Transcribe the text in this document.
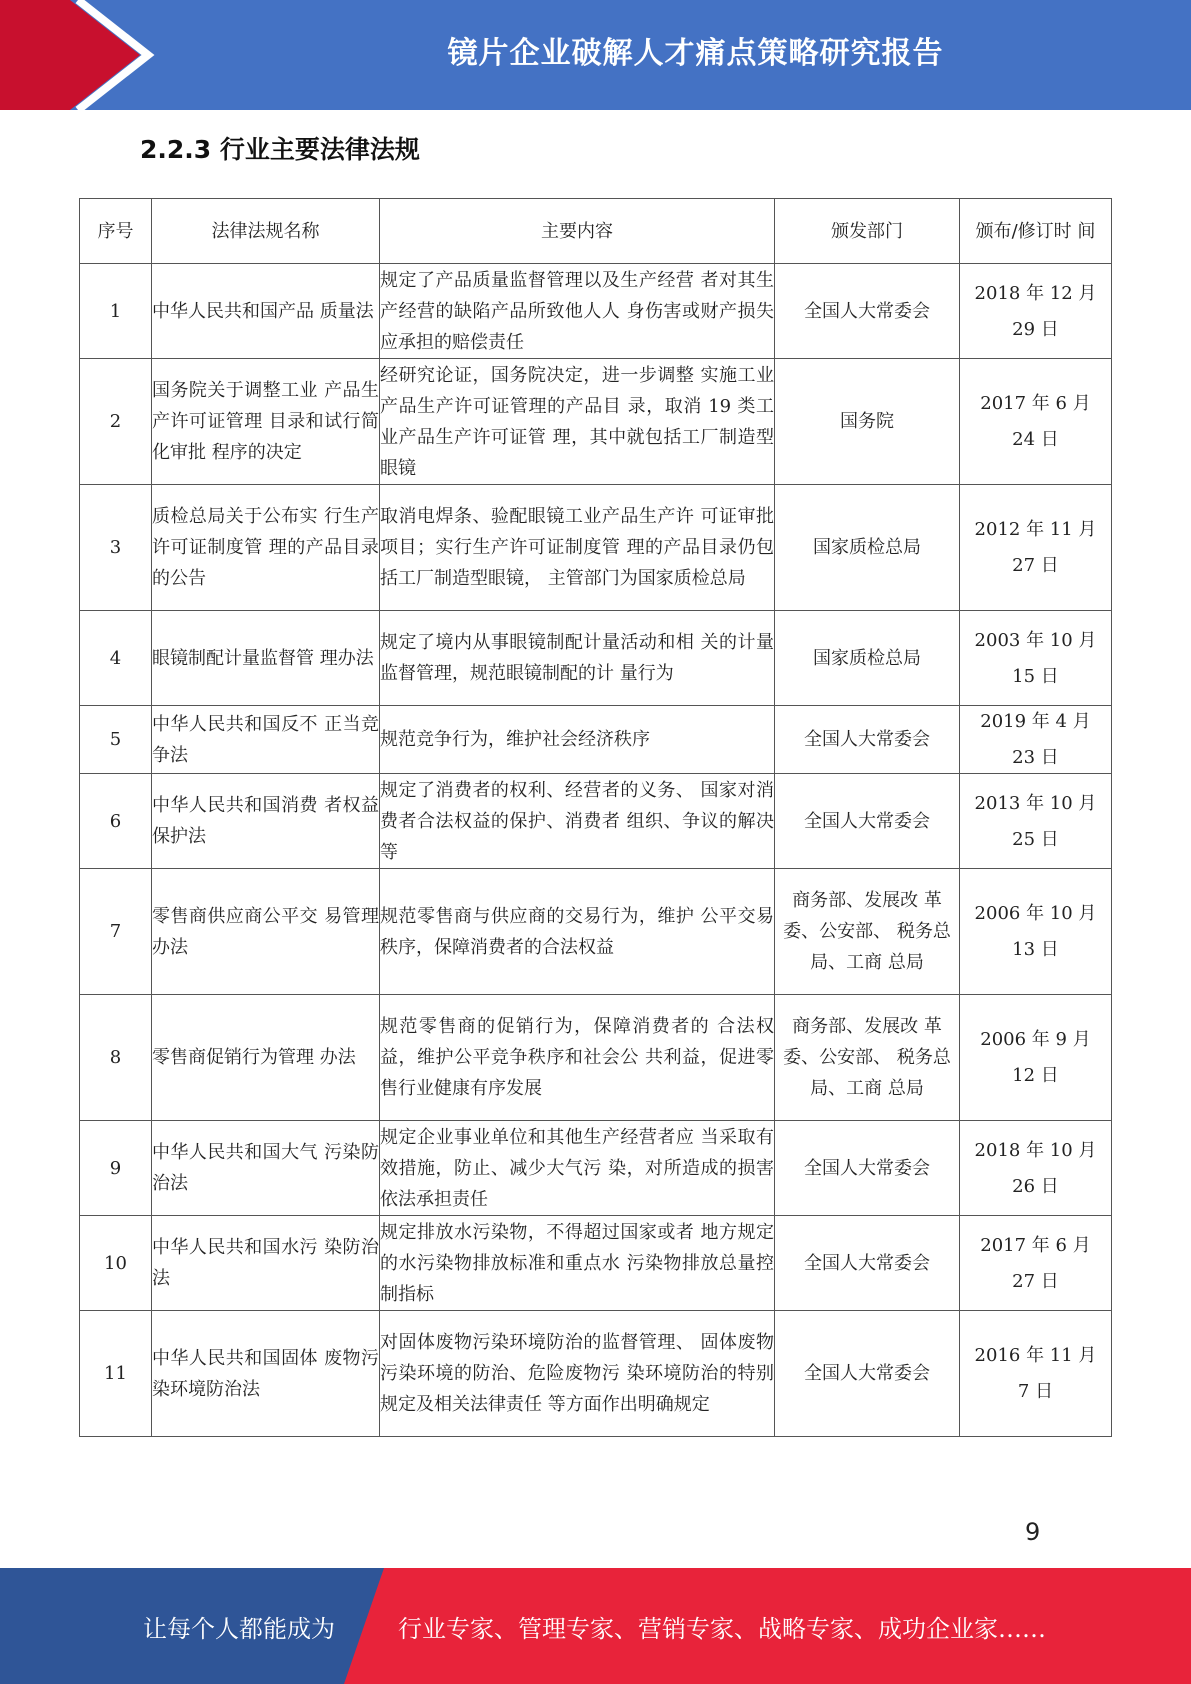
镜片企业破解人才痛点策略研究报告
2.2.3 行业主要法律法规
序号	法律法规名称	主要内容	颁发部门	颁布/修订时 间
1	中华人民共和国产品 质量法	规定了产品质量监督管理以及生产经营 者对其生产经营的缺陷产品所致他人人 身伤害或财产损失应承担的赔偿责任	全国人大常委会	2018 年 12 月
29 日

2	国务院关于调整工业 产品生产许可证管理 目录和试行简化审批 程序的决定	经研究论证，国务院决定，进一步调整 实施工业产品生产许可证管理的产品目 录，取消 19 类工业产品生产许可证管 理，其中就包括工厂制造型眼镜	国务院	2017 年 6 月
24 日

3	质检总局关于公布实 行生产许可证制度管 理的产品目录的公告	取消电焊条、验配眼镜工业产品生产许 可证审批项目；实行生产许可证制度管 理的产品目录仍包括工厂制造型眼镜， 主管部门为国家质检总局	国家质检总局	2012 年 11 月
27 日

4	眼镜制配计量监督管 理办法	规定了境内从事眼镜制配计量活动和相 关的计量监督管理，规范眼镜制配的计 量行为	国家质检总局	2003 年 10 月
15 日

5	中华人民共和国反不 正当竞争法	规范竞争行为，维护社会经济秩序	全国人大常委会	2019 年 4 月
23 日

6	中华人民共和国消费 者权益保护法	规定了消费者的权利、经营者的义务、 国家对消费者合法权益的保护、消费者 组织、争议的解决等	全国人大常委会	2013 年 10 月
25 日

7	零售商供应商公平交 易管理办法	规范零售商与供应商的交易行为，维护 公平交易秩序，保障消费者的合法权益	商务部、发展改 革委、公安部、 税务总局、工商 总局	2006 年 10 月
13 日

8	零售商促销行为管理 办法	规范零售商的促销行为，保障消费者的 合法权益，维护公平竞争秩序和社会公 共利益，促进零售行业健康有序发展	商务部、发展改 革委、公安部、 税务总局、工商 总局	2006 年 9 月
12 日

9	中华人民共和国大气 污染防治法	规定企业事业单位和其他生产经营者应 当采取有效措施，防止、减少大气污 染，对所造成的损害依法承担责任	全国人大常委会	2018 年 10 月
26 日

10	中华人民共和国水污 染防治法	规定排放水污染物，不得超过国家或者 地方规定的水污染物排放标准和重点水 污染物排放总量控制指标	全国人大常委会	2017 年 6 月
27 日

11	中华人民共和国固体 废物污染环境防治法	对固体废物污染环境防治的监督管理、 固体废物污染环境的防治、危险废物污 染环境防治的特别规定及相关法律责任 等方面作出明确规定	全国人大常委会	2016 年 11 月
7 日
9
让每个人都能成为	行业专家、管理专家、营销专家、战略专家、成功企业家……
